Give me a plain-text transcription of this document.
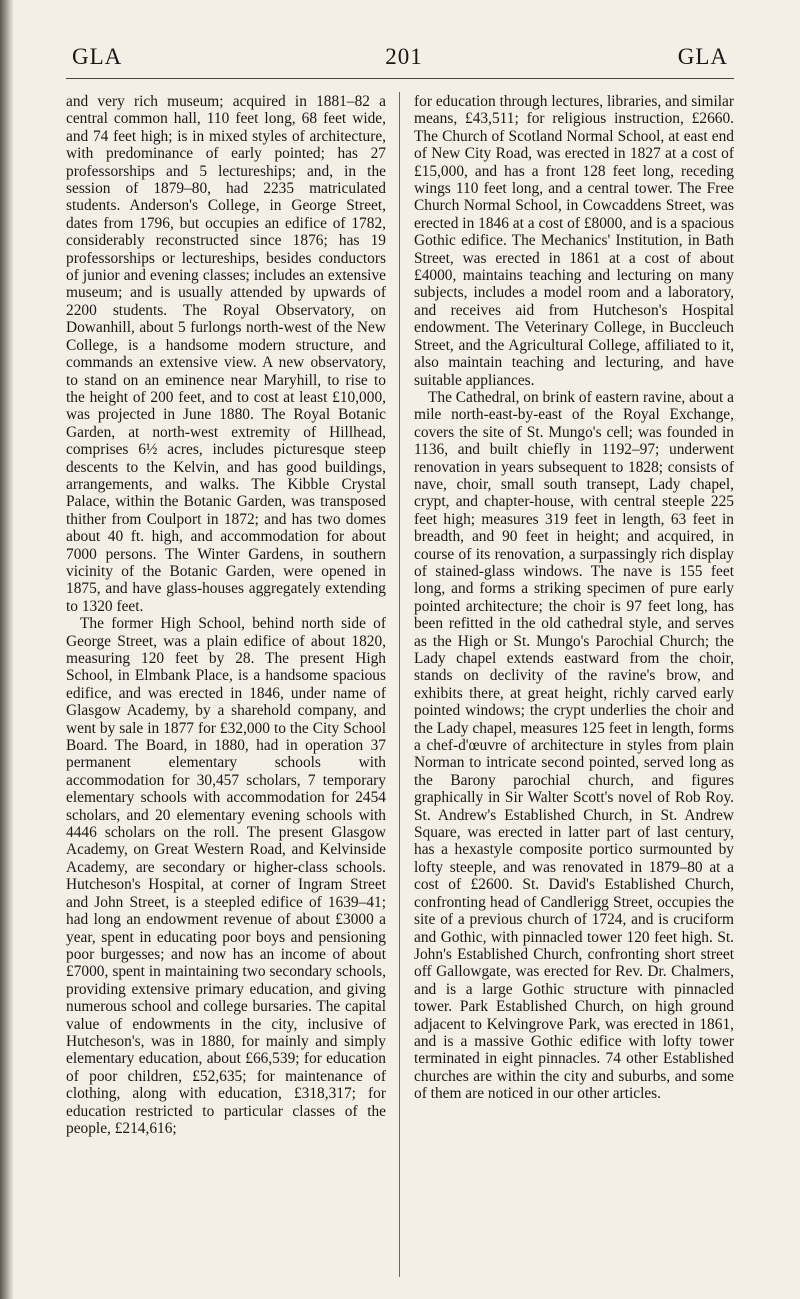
GLA	201	GLA

and very rich museum; acquired in 1881–82 a central common hall, 110 feet long, 68 feet wide, and 74 feet high; is in mixed styles of architecture, with predominance of early pointed; has 27 professorships and 5 lectureships; and, in the session of 1879–80, had 2235 matriculated students. Anderson's College, in George Street, dates from 1796, but occupies an edifice of 1782, considerably reconstructed since 1876; has 19 professorships or lectureships, besides conductors of junior and evening classes; includes an extensive museum; and is usually attended by upwards of 2200 students. The Royal Observatory, on Dowanhill, about 5 furlongs north-west of the New College, is a handsome modern structure, and commands an extensive view. A new observatory, to stand on an eminence near Maryhill, to rise to the height of 200 feet, and to cost at least £10,000, was projected in June 1880. The Royal Botanic Garden, at north-west extremity of Hillhead, comprises 6½ acres, includes picturesque steep descents to the Kelvin, and has good buildings, arrangements, and walks. The Kibble Crystal Palace, within the Botanic Garden, was transposed thither from Coulport in 1872; and has two domes about 40 ft. high, and accommodation for about 7000 persons. The Winter Gardens, in southern vicinity of the Botanic Garden, were opened in 1875, and have glass-houses aggregately extending to 1320 feet.

The former High School, behind north side of George Street, was a plain edifice of about 1820, measuring 120 feet by 28. The present High School, in Elmbank Place, is a handsome spacious edifice, and was erected in 1846, under name of Glasgow Academy, by a sharehold company, and went by sale in 1877 for £32,000 to the City School Board. The Board, in 1880, had in operation 37 permanent elementary schools with accommodation for 30,457 scholars, 7 temporary elementary schools with accommodation for 2454 scholars, and 20 elementary evening schools with 4446 scholars on the roll. The present Glasgow Academy, on Great Western Road, and Kelvinside Academy, are secondary or higher-class schools. Hutcheson's Hospital, at corner of Ingram Street and John Street, is a steepled edifice of 1639–41; had long an endowment revenue of about £3000 a year, spent in educating poor boys and pensioning poor burgesses; and now has an income of about £7000, spent in maintaining two secondary schools, providing extensive primary education, and giving numerous school and college bursaries. The capital value of endowments in the city, inclusive of Hutcheson's, was in 1880, for mainly and simply elementary education, about £66,539; for education of poor children, £52,635; for maintenance of clothing, along with education, £318,317; for education restricted to particular classes of the people, £214,616;

for education through lectures, libraries, and similar means, £43,511; for religious instruction, £2660. The Church of Scotland Normal School, at east end of New City Road, was erected in 1827 at a cost of £15,000, and has a front 128 feet long, receding wings 110 feet long, and a central tower. The Free Church Normal School, in Cowcaddens Street, was erected in 1846 at a cost of £8000, and is a spacious Gothic edifice. The Mechanics' Institution, in Bath Street, was erected in 1861 at a cost of about £4000, maintains teaching and lecturing on many subjects, includes a model room and a laboratory, and receives aid from Hutcheson's Hospital endowment. The Veterinary College, in Buccleuch Street, and the Agricultural College, affiliated to it, also maintain teaching and lecturing, and have suitable appliances.

The Cathedral, on brink of eastern ravine, about a mile north-east-by-east of the Royal Exchange, covers the site of St. Mungo's cell; was founded in 1136, and built chiefly in 1192–97; underwent renovation in years subsequent to 1828; consists of nave, choir, small south transept, Lady chapel, crypt, and chapter-house, with central steeple 225 feet high; measures 319 feet in length, 63 feet in breadth, and 90 feet in height; and acquired, in course of its renovation, a surpassingly rich display of stained-glass windows. The nave is 155 feet long, and forms a striking specimen of pure early pointed architecture; the choir is 97 feet long, has been refitted in the old cathedral style, and serves as the High or St. Mungo's Parochial Church; the Lady chapel extends eastward from the choir, stands on declivity of the ravine's brow, and exhibits there, at great height, richly carved early pointed windows; the crypt underlies the choir and the Lady chapel, measures 125 feet in length, forms a chef-d'œuvre of architecture in styles from plain Norman to intricate second pointed, served long as the Barony parochial church, and figures graphically in Sir Walter Scott's novel of Rob Roy. St. Andrew's Established Church, in St. Andrew Square, was erected in latter part of last century, has a hexastyle composite portico surmounted by lofty steeple, and was renovated in 1879–80 at a cost of £2600. St. David's Established Church, confronting head of Candlerigg Street, occupies the site of a previous church of 1724, and is cruciform and Gothic, with pinnacled tower 120 feet high. St. John's Established Church, confronting short street off Gallowgate, was erected for Rev. Dr. Chalmers, and is a large Gothic structure with pinnacled tower. Park Established Church, on high ground adjacent to Kelvingrove Park, was erected in 1861, and is a massive Gothic edifice with lofty tower terminated in eight pinnacles. 74 other Established churches are within the city and suburbs, and some of them are noticed in our other articles.
